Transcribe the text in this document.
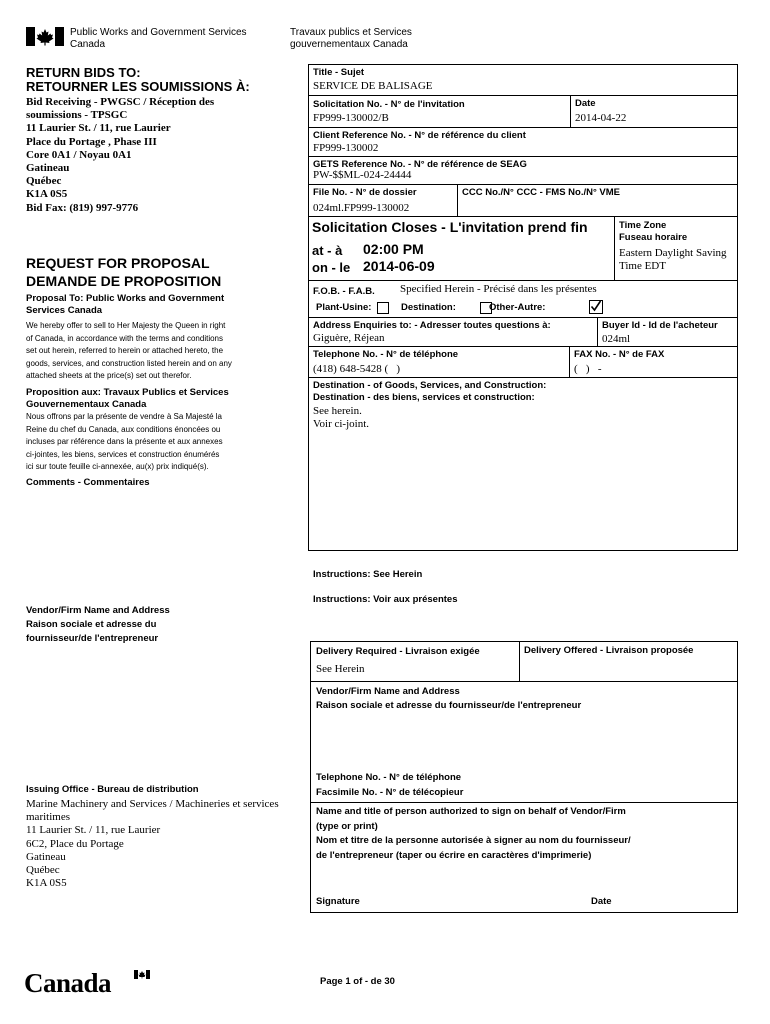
Public Works and Government Services
Canada
Travaux publics et Services
gouvernementaux Canada
RETURN BIDS TO:
RETOURNER LES SOUMISSIONS À:
Bid Receiving - PWGSC / Réception des
soumissions - TPSGC
11 Laurier St. / 11, rue Laurier
Place du Portage , Phase III
Core 0A1 / Noyau 0A1
Gatineau
Québec
K1A 0S5
Bid Fax: (819) 997-9776
REQUEST FOR PROPOSAL
DEMANDE DE PROPOSITION
Proposal To: Public Works and Government Services Canada
We hereby offer to sell to Her Majesty the Queen in right
of Canada, in accordance with the terms and conditions
set out herein, referred to herein or attached hereto, the
goods, services, and construction listed herein and on any
attached sheets at the price(s) set out therefor.
Proposition aux: Travaux Publics et Services Gouvernementaux Canada
Nous offrons par la présente de vendre à Sa Majesté la
Reine du chef du Canada, aux conditions énoncées ou
incluses par référence dans la présente et aux annexes
ci-jointes, les biens, services et construction énumérés
ici sur toute feuille ci-annexée, au(x) prix indiqué(s).
Comments - Commentaires
Vendor/Firm Name and Address
Raison sociale et adresse du
fournisseur/de l'entrepreneur
Issuing Office - Bureau de distribution
Marine Machinery and Services / Machineries et services
maritimes
11 Laurier St. / 11, rue Laurier
6C2, Place du Portage
Gatineau
Québec
K1A 0S5
Title - Sujet
SERVICE DE BALISAGE
Solicitation No. - N° de l'invitation
FP999-130002/B
Date
2014-04-22
Client Reference No. - N° de référence du client
FP999-130002
GETS Reference No. - N° de référence de SEAG
PW-$$ML-024-24444
File No. - N° de dossier
024ml.FP999-130002
CCC No./N° CCC - FMS No./N° VME
Solicitation Closes - L'invitation prend fin
at - à 02:00 PM
on - le 2014-06-09
Time Zone
Fuseau horaire
Eastern Daylight Saving
Time EDT
F.O.B. - F.A.B. Specified Herein - Précisé dans les présentes
Plant-Usine:
	Destination:
	Other-Autre:
Address Enquiries to: - Adresser toutes questions à:
Giguère, Réjean
Buyer Id - Id de l'acheteur
024ml
Telephone No. - N° de téléphone
(418) 648-5428 (   )
FAX No. - N° de FAX
(   )   -
Destination - of Goods, Services, and Construction:
Destination - des biens, services et construction:
See herein.
Voir ci-joint.
Instructions: See Herein
Instructions: Voir aux présentes
Delivery Required - Livraison exigée
See Herein
Delivery Offered - Livraison proposée
Vendor/Firm Name and Address
Raison sociale et adresse du fournisseur/de l'entrepreneur
Telephone No. - N° de téléphone
Facsimile No. - N° de télécopieur
Name and title of person authorized to sign on behalf of Vendor/Firm
(type or print)
Nom et titre de la personne autorisée à signer au nom du fournisseur/
de l'entrepreneur (taper ou écrire en caractères d'imprimerie)
Signature	Date
Page 1 of - de 30
Canada
